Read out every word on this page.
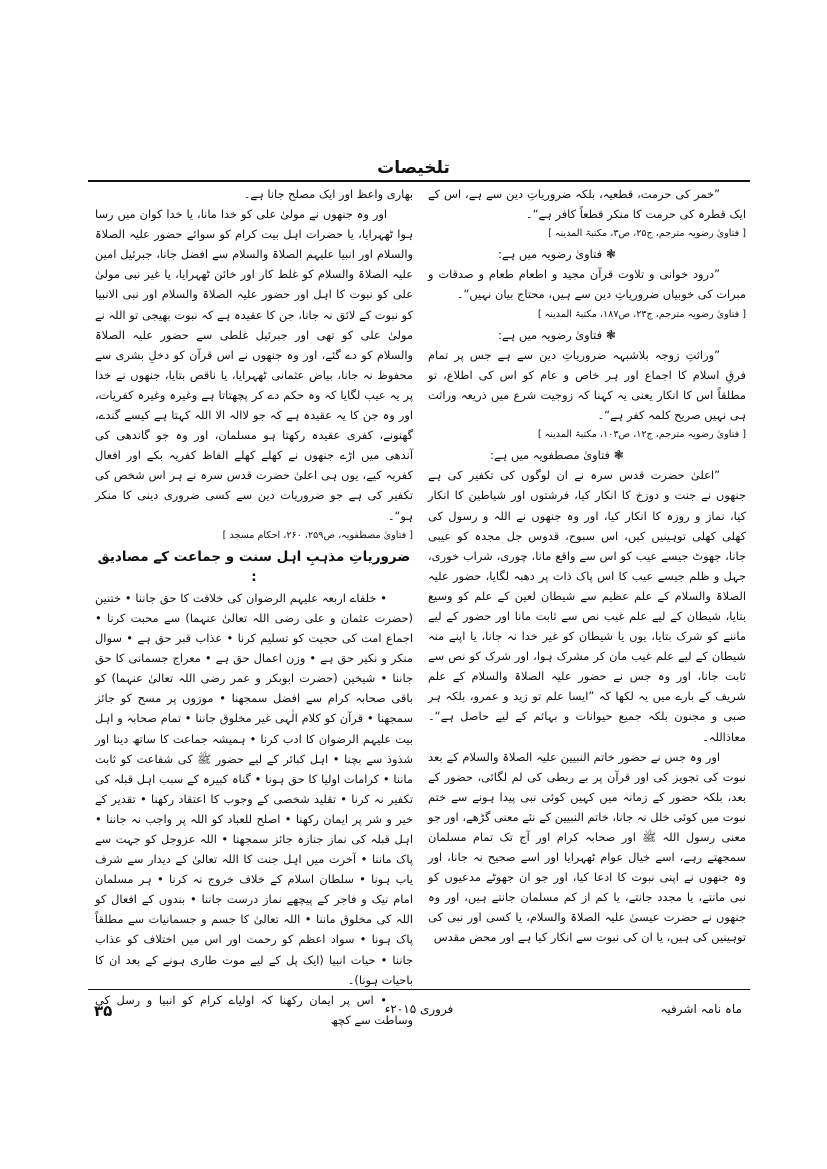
تلخیصات

”خمر کی حرمت، قطعیہ، بلکہ ضروریاتِ دین سے ہے، اس کے ایک قطرہ کی حرمت کا منکر قطعاً کافر ہے“۔

[ فتاویٰ رضویہ مترجم، ج۲۵، ص۳، مکتبۃ المدینہ ]

❃ فتاویٰ رضویہ میں ہے:

”درود خوانی و تلاوت قرآن مجید و اطعام طعام و صدقات و مبرات کی خوبیاں ضروریاتِ دین سے ہیں، محتاج بیان نہیں“۔

[ فتاویٰ رضویہ مترجم، ج۲۳، ص۱۸۷، مکتبۃ المدینہ ]

❃ فتاویٰ رضویہ میں ہے:

”وراثتِ زوجہ بلاشبہہ ضروریاتِ دین سے ہے جس پر تمام فرقِ اسلام کا اجماع اور ہر خاص و عام کو اس کی اطلاع، تو مطلقاً اس کا انکار یعنی یہ کہنا کہ زوجیت شرع میں ذریعہ وراثت ہی نہیں صریح کلمہ کفر ہے“۔

[ فتاویٰ رضویہ مترجم، ج۱۲، ص۱۰۳، مکتبۃ المدینہ ]

❃ فتاویٰ مصطفویہ میں ہے:

”اعلیٰ حضرت قدس سرہ نے ان لوگوں کی تکفیر کی ہے جنھوں نے جنت و دوزخ کا انکار کیا، فرشتوں اور شیاطین کا انکار کیا، نماز و روزہ کا انکار کیا، اور وہ جنھوں نے اللہ و رسول کی کھلی کھلی توہینیں کیں، اس سبوح، قدوس جل مجدہ کو عیبی جانا، جھوٹ جیسے عیب کو اس سے واقع مانا، چوری، شراب خوری، جہل و ظلم جیسے عیب کا اس پاک ذات پر دھبہ لگایا، حضور علیہ الصلاۃ والسلام کے علم عظیم سے شیطان لعین کے علم کو وسیع بتایا، شیطان کے لیے علم غیب نص سے ثابت مانا اور حضور کے لیے ماننے کو شرک بتایا، یوں یا شیطان کو غیر خدا نہ جانا، یا اپنے منہ شیطان کے لیے علم غیب مان کر مشرک ہوا، اور شرک کو نص سے ثابت جانا، اور وہ جس نے حضور علیہ الصلاۃ والسلام کے علم شریف کے بارے میں یہ لکھا کہ ”ایسا علم تو زید و عمرو، بلکہ ہر صبی و مجنون بلکہ جمیع حیوانات و بہائم کے لیے حاصل ہے“۔ معاذاللہ۔

اور وہ جس نے حضور خاتم النبیین علیہ الصلاۃ والسلام کے بعد نبوت کی تجویز کی اور قرآن پر بے ربطی کی لم لگائی، حضور کے بعد، بلکہ حضور کے زمانہ میں کہیں کوئی نبی پیدا ہونے سے ختم نبوت میں کوئی خلل نہ جانا، خاتم النبیین کے نئے معنی گڑھے، اور جو معنی رسول اللہ ﷺ اور صحابہ کرام اور آج تک تمام مسلمان سمجھتے رہے، اسے خیال عوام ٹھہرایا اور اسے صحیح نہ جانا، اور وہ جنھوں نے اپنی نبوت کا ادعا کیا، اور جو ان جھوٹے مدعیوں کو نبی مانتے، یا مجدد جانتے، یا کم از کم مسلمان جانتے ہیں، اور وہ جنھوں نے حضرت عیسیٰ علیہ الصلاۃ والسلام، یا کسی اور نبی کی توہینیں کی ہیں، یا ان کی نبوت سے انکار کیا ہے اور محض مقدس

بھاری واعظ اور ایک مصلح جانا ہے۔

اور وہ جنھوں نے مولیٰ علی کو خدا مانا، یا خدا کوان میں رسا ہوا ٹھہرایا، یا حضرات اہل بیت کرام کو سوائے حضور علیہ الصلاۃ والسلام اور انبیا علیہم الصلاۃ والسلام سے افضل جانا، جبرئیل امین علیہ الصلاۃ والسلام کو غلط کار اور خائن ٹھہرایا، یا غیر نبی مولیٰ علی کو نبوت کا اہل اور حضور علیہ الصلاۃ والسلام اور نبی الانبیا کو نبوت کے لائق نہ جانا، جن کا عقیدہ ہے کہ نبوت بھیجی تو اللہ نے مولیٰ علی کو تھی اور جبرئیل غلطی سے حضور علیہ الصلاۃ والسلام کو دے گئے، اور وہ جنھوں نے اس قرآن کو دخلِ بشری سے محفوظ نہ جانا، بیاض عثمانی ٹھہرایا، یا ناقص بتایا، جنھوں نے خدا پر یہ عیب لگایا کہ وہ حکم دے کر پچھتاتا ہے وغیرہ وغیرہ کفریات، اور وہ جن کا یہ عقیدہ ہے کہ جو لاالہ الا اللہ کہتا ہے کیسے گندے، گھنونے، کفری عقیدہ رکھتا ہو مسلمان، اور وہ جو گاندھی کی آندھی میں اڑے جنھوں نے کھلے کھلے الفاظ کفریہ بکے اور افعال کفریہ کیے، یوں ہی اعلیٰ حضرت قدس سرہ نے ہر اس شخص کی تکفیر کی ہے جو ضروریات دین سے کسی ضروری دینی کا منکر ہو“۔

[ فتاویٰ مصطفویہ، ص۲۵۹، ۲۶۰، احکام مسجد ]

ضروریاتِ مذہبِ اہل سنت و جماعت کے مصادیق :

• خلفاے اربعہ علیہم الرضوان کی خلافت کا حق جاننا • ختنین (حضرت عثمان و علی رضی اللہ تعالیٰ عنہما) سے محبت کرنا • اجماع امت کی حجیت کو تسلیم کرنا • عذاب قبر حق ہے • سوال منکر و نکیر حق ہے • وزن اعمال حق ہے • معراج جسمانی کا حق جاننا • شیخین (حضرت ابوبکر و عمر رضی اللہ تعالیٰ عنہما) کو باقی صحابہ کرام سے افضل سمجھنا • موزوں پر مسح کو جائز سمجھنا • قرآن کو کلام الٰہی غیر مخلوق جاننا • تمام صحابہ و اہل بیت علیہم الرضوان کا ادب کرنا • ہمیشہ جماعت کا ساتھ دینا اور شذوذ سے بچنا • اہل کبائر کے لیے حضور ﷺ کی شفاعت کو ثابت ماننا • کرامات اولیا کا حق ہونا • گناہ کبیرہ کے سبب اہل قبلہ کی تکفیر نہ کرنا • تقلید شخصی کے وجوب کا اعتقاد رکھنا • تقدیر کے خیر و شر پر ایمان رکھنا • اصلح للعباد کو اللہ پر واجب نہ جاننا • اہل قبلہ کی نماز جنازہ جائز سمجھنا • اللہ عزوجل کو جہت سے پاک ماننا • آخرت میں اہل جنت کا اللہ تعالیٰ کے دیدار سے شرف یاب ہونا • سلطان اسلام کے خلاف خروج نہ کرنا • ہر مسلمان امام نیک و فاجر کے پیچھے نماز درست جاننا • بندوں کے افعال کو اللہ کی مخلوق ماننا • اللہ تعالیٰ کا جسم و جسمانیات سے مطلقاً پاک ہونا • سواد اعظم کو رحمت اور اس میں اختلاف کو عذاب جاننا • حیات انبیا (ایک پل کے لیے موت طاری ہونے کے بعد ان کا باحیات ہونا)۔

• اس پر ایمان رکھنا کہ اولیاے کرام کو انبیا و رسل کی وساطت سے کچھ

ماہ نامہ اشرفیہ
فروری ۲۰۱۵ء
۳۵
